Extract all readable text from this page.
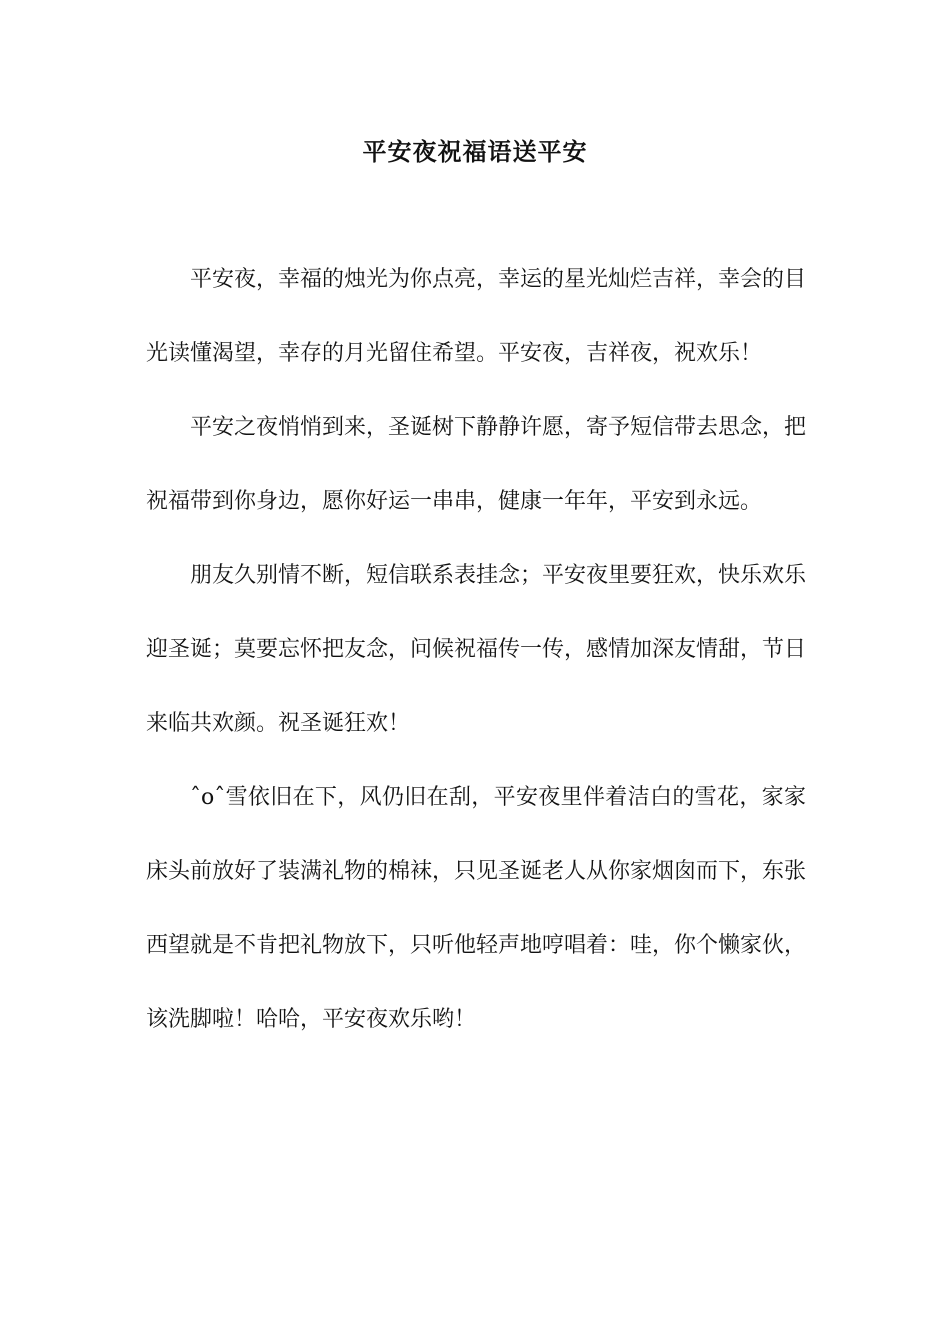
平安夜祝福语送平安

平安夜，幸福的烛光为你点亮，幸运的星光灿烂吉祥，幸会的目光读懂渴望，幸存的月光留住希望。平安夜，吉祥夜，祝欢乐！

平安之夜悄悄到来，圣诞树下静静许愿，寄予短信带去思念，把祝福带到你身边，愿你好运一串串，健康一年年，平安到永远。

朋友久别情不断，短信联系表挂念；平安夜里要狂欢，快乐欢乐迎圣诞；莫要忘怀把友念，问候祝福传一传，感情加深友情甜，节日来临共欢颜。祝圣诞狂欢！

ˆoˆ雪依旧在下，风仍旧在刮，平安夜里伴着洁白的雪花，家家床头前放好了装满礼物的棉袜，只见圣诞老人从你家烟囱而下，东张西望就是不肯把礼物放下，只听他轻声地哼唱着：哇，你个懒家伙，该洗脚啦！哈哈，平安夜欢乐哟！
